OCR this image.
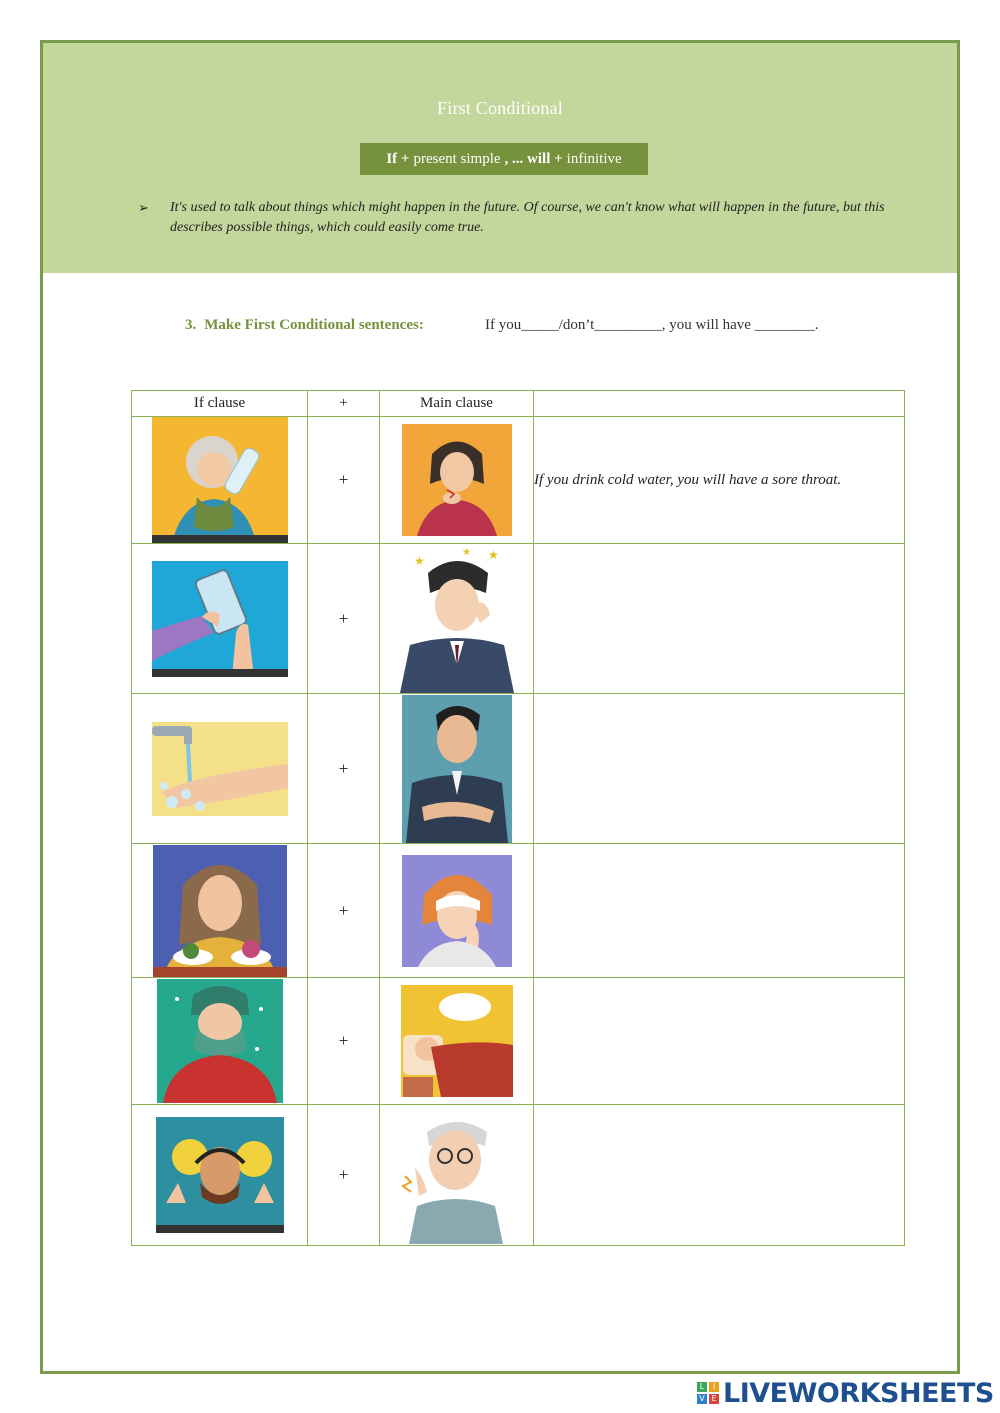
First Conditional
If + present simple , ... will + infinitive
➢ It's used to talk about things which might happen in the future. Of course, we can't know what will happen in the future, but this describes possible things, which could easily come true.
3. Make First Conditional sentences:	If you_____/don’t_________, you will have ________.
If clause	+	Main clause	

	+		If you drink cold water, you will have a sore throat.

	+	★ ★
★	

	+	

	+	

	+	

	+	

L	I
V E LIVEWORKSHEETS
